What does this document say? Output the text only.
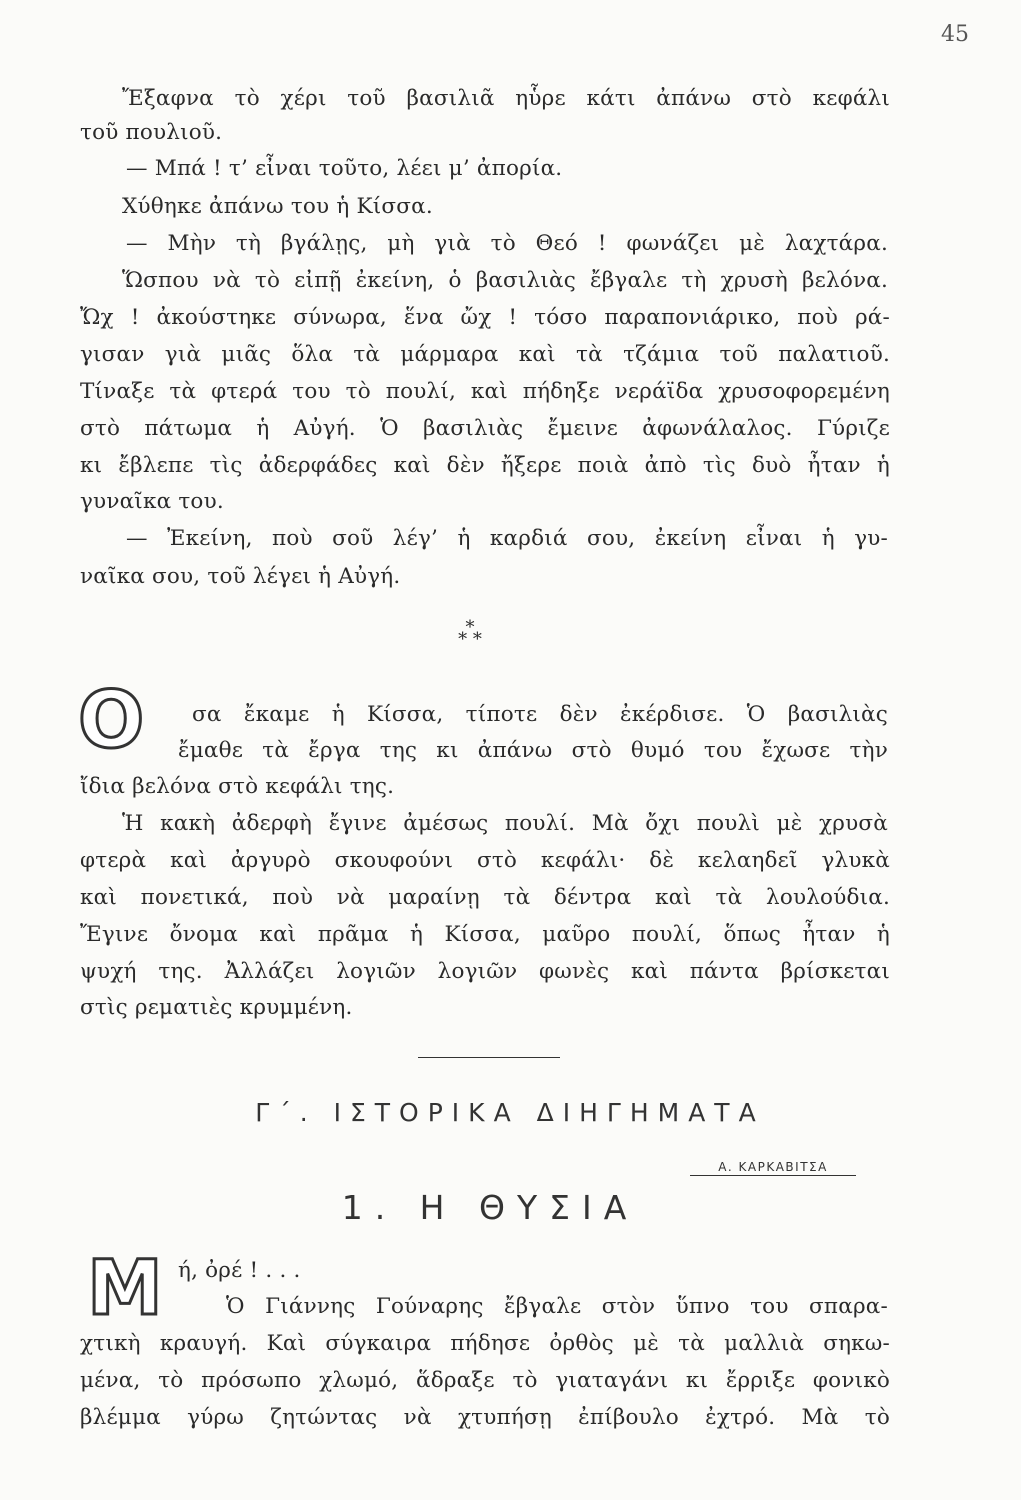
45
Ἔξαφνα τὸ χέρι τοῦ βασιλιᾶ ηὗρε κάτι ἀπάνω στὸ κεφάλι
τοῦ πουλιοῦ.
— Μπά ! τ’ εἶναι τοῦτο, λέει μ’ ἀπορία.
Χύθηκε ἀπάνω του ἡ Κίσσα.
— Μὴν τὴ βγάλῃς, μὴ γιὰ τὸ Θεό ! φωνάζει μὲ λαχτάρα.
Ὥσπου νὰ τὸ εἰπῇ ἐκείνη, ὁ βασιλιὰς ἔβγαλε τὴ χρυσὴ βελόνα.
Ὤχ ! ἀκούστηκε σύνωρα, ἕνα ὤχ ! τόσο παραπονιάρικο, ποὺ ρά-
γισαν γιὰ μιᾶς ὅλα τὰ μάρμαρα καὶ τὰ τζάμια τοῦ παλατιοῦ.
Τίναξε τὰ φτερά του τὸ πουλί, καὶ πήδηξε νεράϊδα χρυσοφορεμένη
στὸ πάτωμα ἡ Αὐγή. Ὁ βασιλιὰς ἔμεινε ἀφωνάλαλος. Γύριζε
κι ἔβλεπε τὶς ἀδερφάδες καὶ δὲν ἤξερε ποιὰ ἀπὸ τὶς δυὸ ἦταν ἡ
γυναῖκα του.
— Ἐκείνη, ποὺ σοῦ λέγ’ ἡ καρδιά σου, ἐκείνη εἶναι ἡ γυ-
ναῖκα σου, τοῦ λέγει ἡ Αὐγή.
*
* *
Ο σα ἔκαμε ἡ Κίσσα, τίποτε δὲν ἐκέρδισε. Ὁ βασιλιὰς
ἔμαθε τὰ ἔργα της κι ἀπάνω στὸ θυμό του ἔχωσε τὴν
ἴδια βελόνα στὸ κεφάλι της.
Ἡ κακὴ ἀδερφὴ ἔγινε ἀμέσως πουλί. Μὰ ὄχι πουλὶ μὲ χρυσὰ
φτερὰ καὶ ἀργυρὸ σκουφούνι στὸ κεφάλι· δὲ κελαηδεῖ γλυκὰ
καὶ πονετικά, ποὺ νὰ μαραίνῃ τὰ δέντρα καὶ τὰ λουλούδια.
Ἔγινε ὄνομα καὶ πρᾶμα ἡ Κίσσα, μαῦρο πουλί, ὅπως ἦταν ἡ
ψυχή της. Ἀλλάζει λογιῶν λογιῶν φωνὲς καὶ πάντα βρίσκεται
στὶς ρεματιὲς κρυμμένη.
Γ΄. ΙΣΤΟΡΙΚΑ ΔΙΗΓΗΜΑΤΑ
Α. ΚΑΡΚΑΒΙΤΣΑ
1. Η ΘΥΣΙΑ
Μ ή, ὀρέ ! . . .
Ὁ Γιάννης Γούναρης ἔβγαλε στὸν ὕπνο του σπαρα-
χτικὴ κραυγή. Καὶ σύγκαιρα πήδησε ὀρθὸς μὲ τὰ μαλλιὰ σηκω-
μένα, τὸ πρόσωπο χλωμό, ἅδραξε τὸ γιαταγάνι κι ἔρριξε φονικὸ
βλέμμα γύρω ζητώντας νὰ χτυπήσῃ ἐπίβουλο ἐχτρό. Μὰ τὸ
